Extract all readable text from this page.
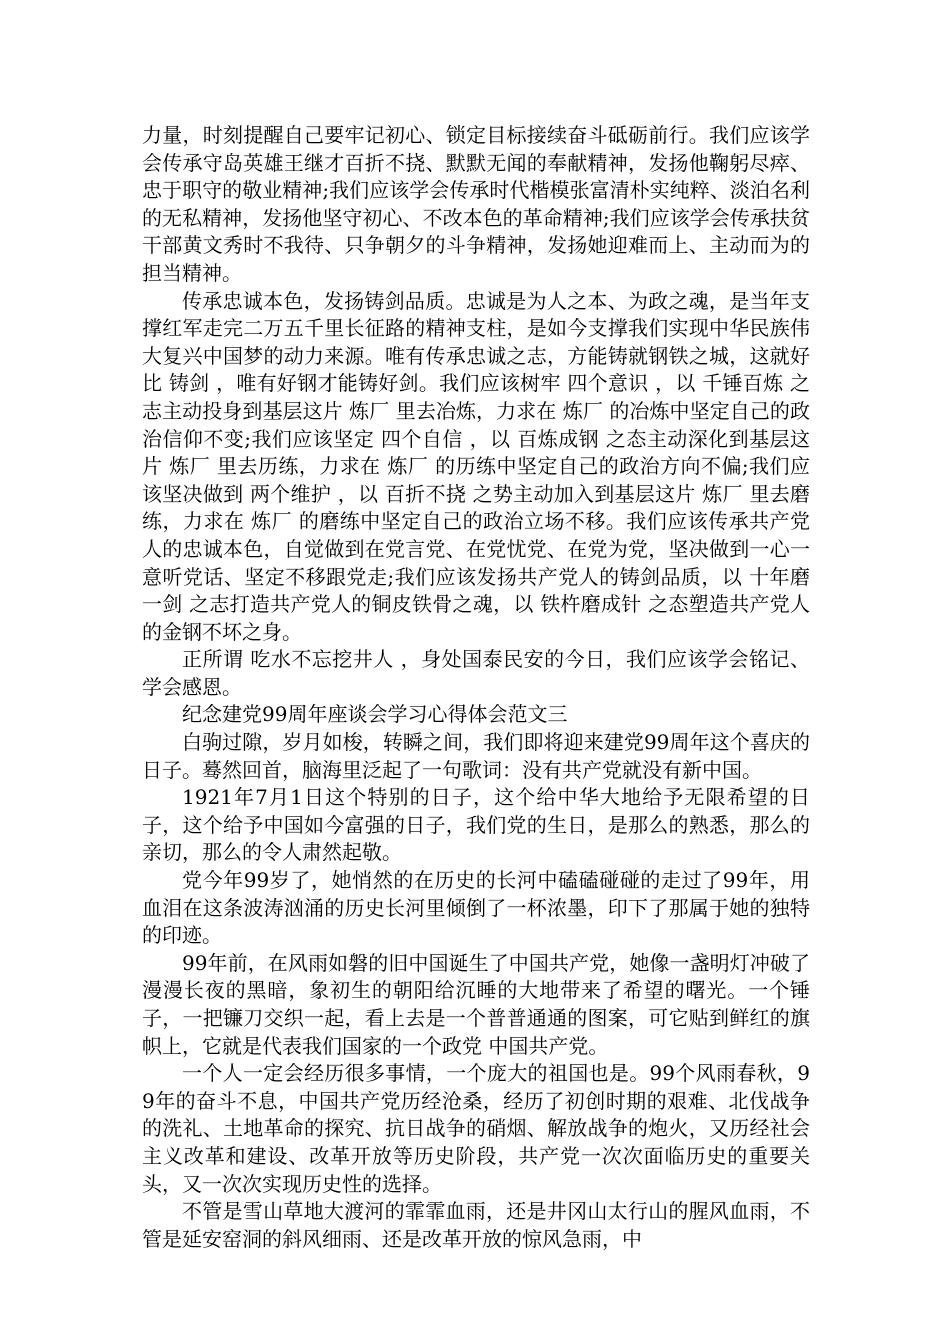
力量，时刻提醒自己要牢记初心、锁定目标接续奋斗砥砺前行。我们应该学会传承守岛英雄王继才百折不挠、默默无闻的奉献精神，发扬他鞠躬尽瘁、忠于职守的敬业精神;我们应该学会传承时代楷模张富清朴实纯粹、淡泊名利的无私精神，发扬他坚守初心、不改本色的革命精神;我们应该学会传承扶贫干部黄文秀时不我待、只争朝夕的斗争精神，发扬她迎难而上、主动而为的担当精神。

传承忠诚本色，发扬铸剑品质。忠诚是为人之本、为政之魂，是当年支撑红军走完二万五千里长征路的精神支柱，是如今支撑我们实现中华民族伟大复兴中国梦的动力来源。唯有传承忠诚之志，方能铸就钢铁之城，这就好比 铸剑 ，唯有好钢才能铸好剑。我们应该树牢 四个意识 ，以 千锤百炼 之志主动投身到基层这片 炼厂 里去冶炼，力求在 炼厂 的冶炼中坚定自己的政治信仰不变;我们应该坚定 四个自信 ，以 百炼成钢 之态主动深化到基层这片 炼厂 里去历练，力求在 炼厂 的历练中坚定自己的政治方向不偏;我们应该坚决做到 两个维护 ，以 百折不挠 之势主动加入到基层这片 炼厂 里去磨练，力求在 炼厂 的磨练中坚定自己的政治立场不移。我们应该传承共产党人的忠诚本色，自觉做到在党言党、在党忧党、在党为党，坚决做到一心一意听党话、坚定不移跟党走;我们应该发扬共产党人的铸剑品质，以 十年磨一剑 之志打造共产党人的铜皮铁骨之魂，以 铁杵磨成针 之态塑造共产党人的金钢不坏之身。

正所谓 吃水不忘挖井人 ，身处国泰民安的今日，我们应该学会铭记、学会感恩。

纪念建党99周年座谈会学习心得体会范文三

白驹过隙，岁月如梭，转瞬之间，我们即将迎来建党99周年这个喜庆的日子。蓦然回首，脑海里泛起了一句歌词：没有共产党就没有新中国。

1921年7月1日这个特别的日子，这个给中华大地给予无限希望的日子，这个给予中国如今富强的日子，我们党的生日，是那么的熟悉，那么的亲切，那么的令人肃然起敬。

党今年99岁了，她悄然的在历史的长河中磕磕碰碰的走过了99年，用血泪在这条波涛汹涌的历史长河里倾倒了一杯浓墨，印下了那属于她的独特的印迹。

99年前，在风雨如磐的旧中国诞生了中国共产党，她像一盏明灯冲破了漫漫长夜的黑暗，象初生的朝阳给沉睡的大地带来了希望的曙光。一个锤子，一把镰刀交织一起，看上去是一个普普通通的图案，可它贴到鲜红的旗帜上，它就是代表我们国家的一个政党 中国共产党。

一个人一定会经历很多事情，一个庞大的祖国也是。99个风雨春秋，99年的奋斗不息，中国共产党历经沧桑，经历了初创时期的艰难、北伐战争的洗礼、土地革命的探究、抗日战争的硝烟、解放战争的炮火，又历经社会主义改革和建设、改革开放等历史阶段，共产党一次次面临历史的重要关头，又一次次实现历史性的选择。

不管是雪山草地大渡河的霏霏血雨，还是井冈山太行山的腥风血雨，不管是延安窑洞的斜风细雨、还是改革开放的惊风急雨，中
